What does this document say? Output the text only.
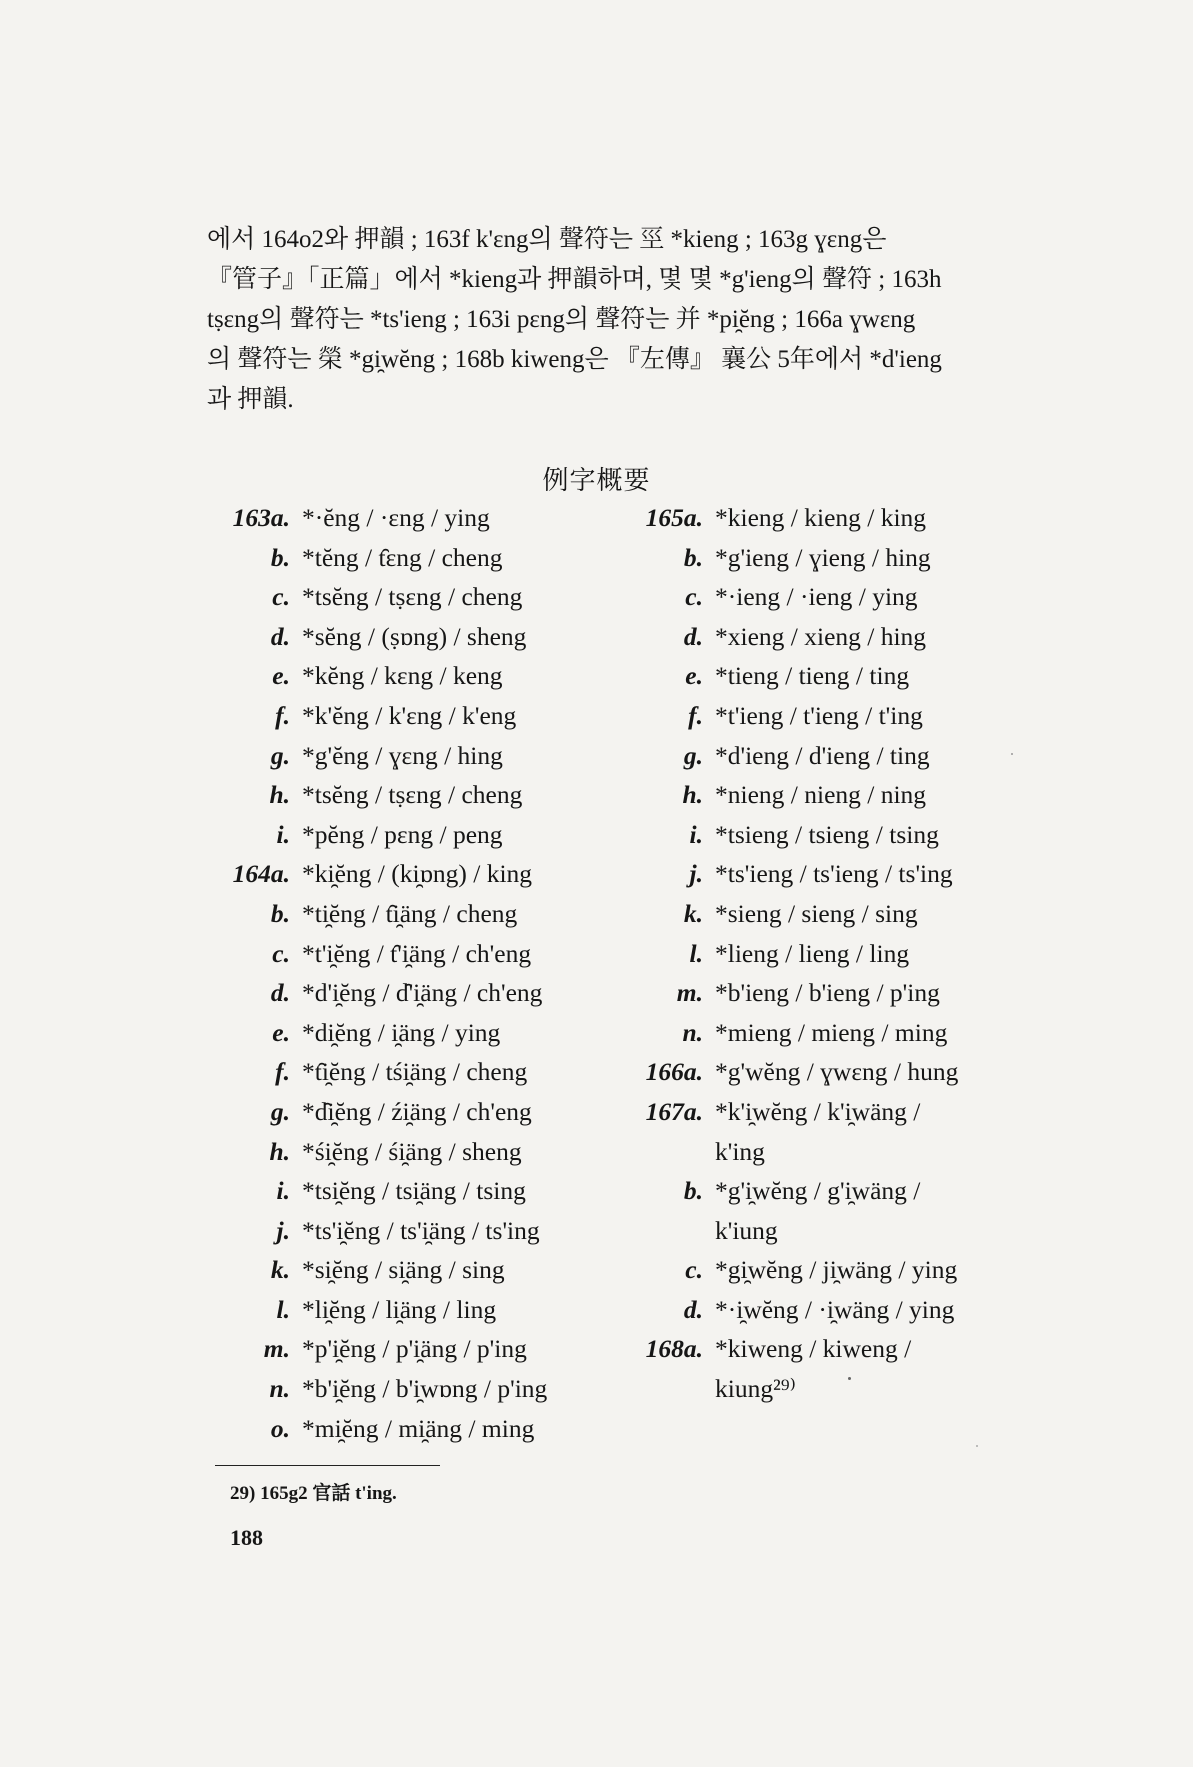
에서 164o2와 押韻 ; 163f k'ɛng의 聲符는 巠 *kieng ; 163g ɣɛng은

『管子』「正篇」에서 *kieng과 押韻하며, 몇 몇 *g'ieng의 聲符 ; 163h

tṣɛng의 聲符는 *ts'ieng ; 163i pɛng의 聲符는 并 *pi̯ĕng ; 166a ɣwɛng

의 聲符는 榮 *gi̯wĕng ; 168b kiweng은 『左傳』 襄公 5年에서 *d'ieng

과 押韻.

例字概要
163a. *·ĕng / ·ɛng / ying
b. *tĕng / t̑ɛng / cheng
c. *tsĕng / tṣɛng / cheng
d. *sĕng / (ṣɒng) / sheng
e. *kĕng / kɛng / keng
f. *k'ĕng / k'ɛng / k'eng
g. *g'ĕng / ɣɛng / hing
h. *tsĕng / tṣɛng / cheng
i. *pĕng / pɛng / peng
164a. *ki̯ĕng / (ki̯ɒng) / king
b. *ti̯ĕng / t̑i̯äng / cheng
c. *t'i̯ĕng / t̑'i̯äng / ch'eng
d. *d'i̯ĕng / d̑'i̯äng / ch'eng
e. *di̯ĕng / i̯äng / ying
f. *t̑i̯ĕng / tśi̯äng / cheng
g. *d̑i̯ĕng / źi̯äng / ch'eng
h. *śi̯ĕng / śi̯äng / sheng
i. *tsi̯ĕng / tsi̯äng / tsing
j. *ts'i̯ĕng / ts'i̯äng / ts'ing
k. *si̯ĕng / si̯äng / sing
l. *li̯ĕng / li̯äng / ling
m. *p'i̯ĕng / p'i̯äng / p'ing
n. *b'i̯ĕng / b'i̯wɒng / p'ing
o. *mi̯ĕng / mi̯äng / ming
165a. *kieng / kieng / king
b. *g'ieng / ɣieng / hing
c. *·ieng / ·ieng / ying
d. *xieng / xieng / hing
e. *tieng / tieng / ting
f. *t'ieng / t'ieng / t'ing
g. *d'ieng / d'ieng / ting
h. *nieng / nieng / ning
i. *tsieng / tsieng / tsing
j. *ts'ieng / ts'ieng / ts'ing
k. *sieng / sieng / sing
l. *lieng / lieng / ling
m. *b'ieng / b'ieng / p'ing
n. *mieng / mieng / ming
166a. *g'wĕng / ɣwɛng / hung
167a. *k'i̯wĕng / k'i̯wäng /
k'ing
b. *g'i̯wĕng / g'i̯wäng /
k'iung
c. *gi̯wĕng / ji̯wäng / ying
d. *·i̯wĕng / ·i̯wäng / ying
168a. *kiweng / kiweng /
kiung²⁹⁾
29) 165g2 官話 t'ing.
188
